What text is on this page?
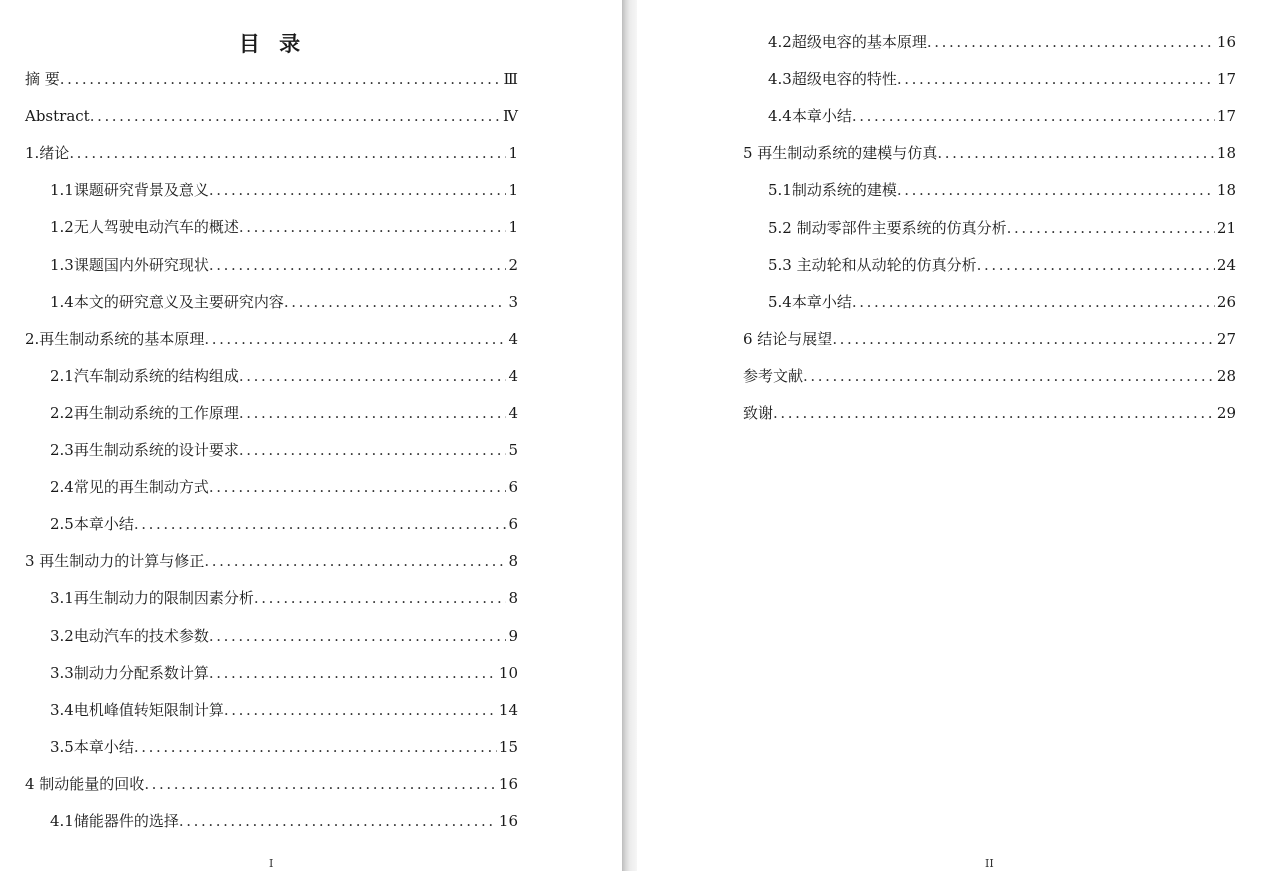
目 录
摘 要 .....	Ⅲ
Abstract .....	Ⅳ
1.绪论 .....	1
1.1课题研究背景及意义 .....	1
1.2无人驾驶电动汽车的概述 .....	1
1.3课题国内外研究现状 .....	2
1.4本文的研究意义及主要研究内容 .....	3
2.再生制动系统的基本原理 .....	4
2.1汽车制动系统的结构组成 .....	4
2.2再生制动系统的工作原理 .....	4
2.3再生制动系统的设计要求 .....	5
2.4常见的再生制动方式 .....	6
2.5本章小结 .....	6
3 再生制动力的计算与修正 .....	8
3.1再生制动力的限制因素分析 .....	8
3.2电动汽车的技术参数 .....	9
3.3制动力分配系数计算 .....	10
3.4电机峰值转矩限制计算 .....	14
3.5本章小结 .....	15
4 制动能量的回收 .....	16
4.1储能器件的选择 .....	16
I
4.2超级电容的基本原理 .....	16
4.3超级电容的特性 .....	17
4.4本章小结 .....	17
5 再生制动系统的建模与仿真 .....	18
5.1制动系统的建模 .....	18
5.2 制动零部件主要系统的仿真分析 .....	21
5.3 主动轮和从动轮的仿真分析 .....	24
5.4本章小结 .....	26
6 结论与展望 .....	27
参考文献 .....	28
致谢 .....	29
II
